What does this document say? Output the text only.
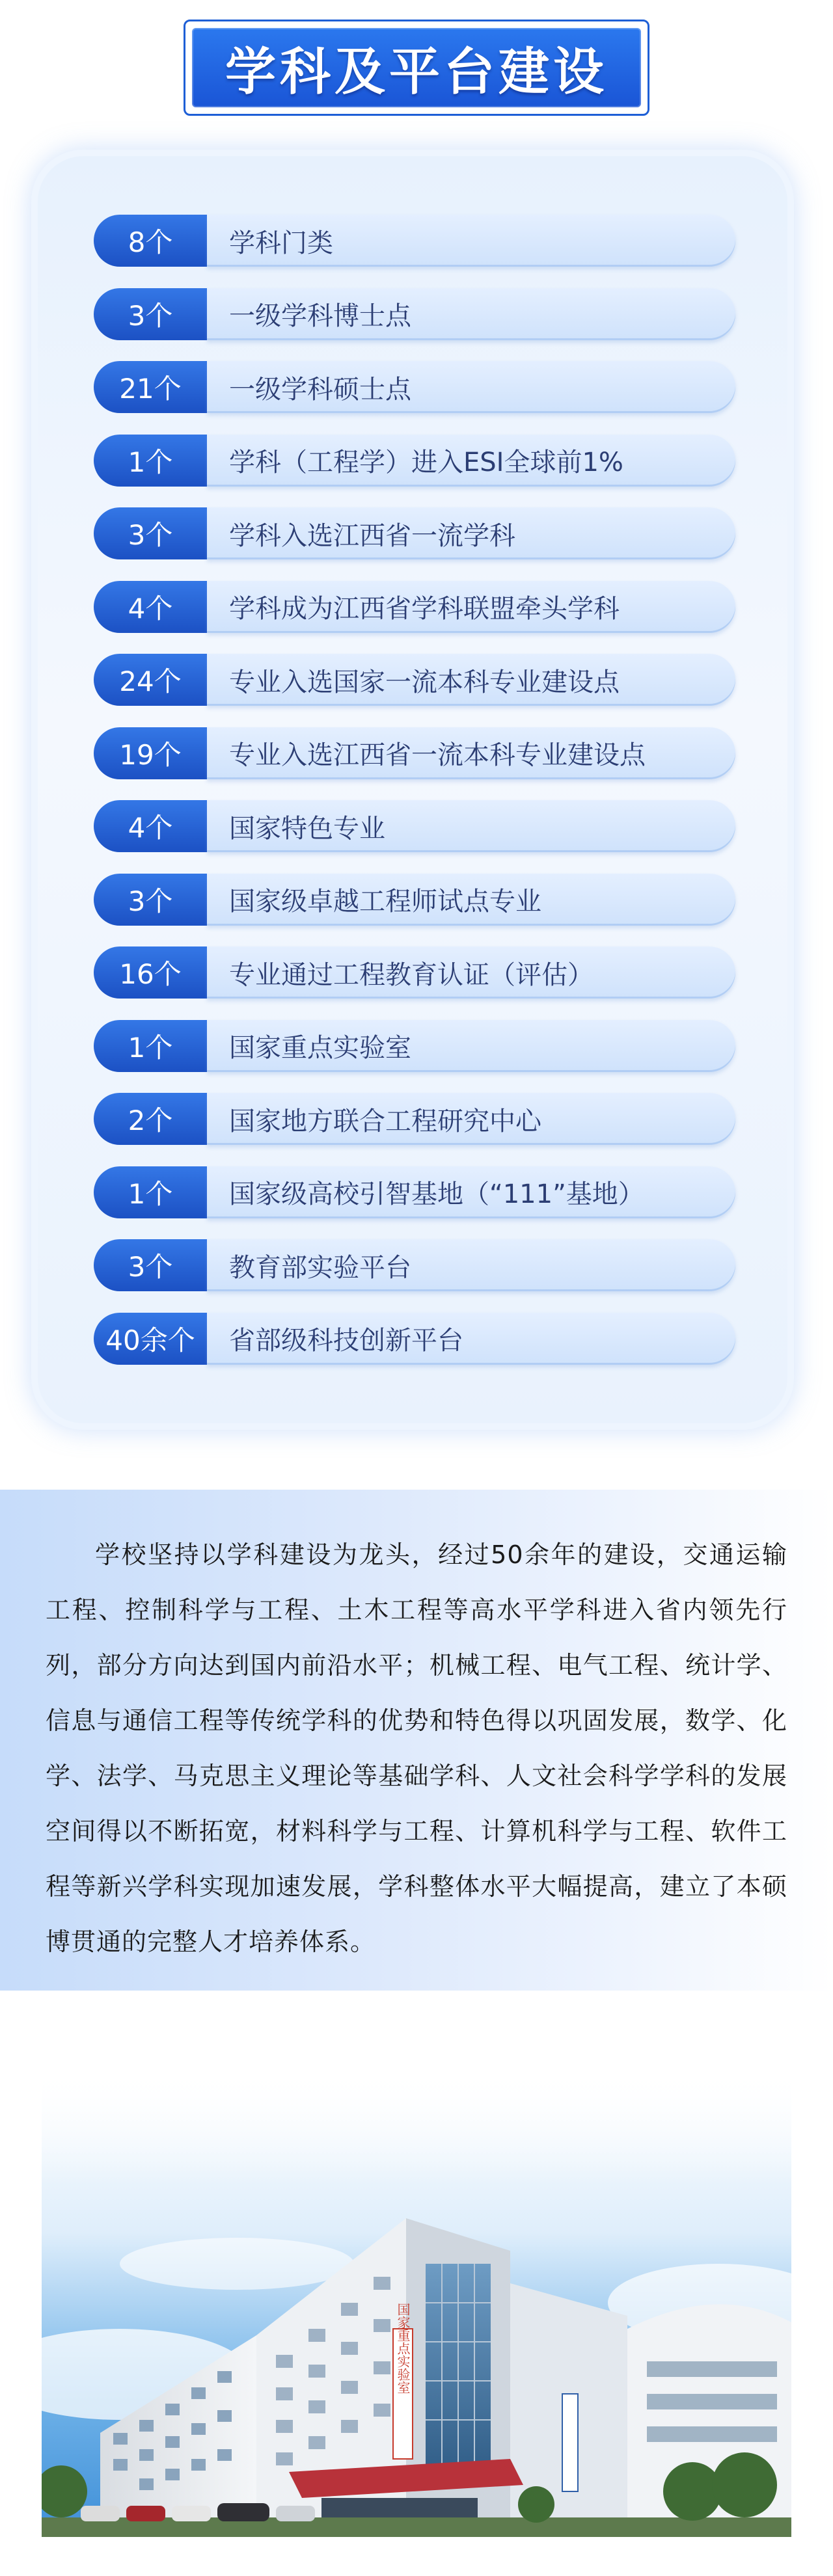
学科及平台建设
8个	学科门类
3个	一级学科博士点
21个	一级学科硕士点
1个	学科（工程学）进入ESI全球前1%
3个	学科入选江西省一流学科
4个	学科成为江西省学科联盟牵头学科
24个	专业入选国家一流本科专业建设点
19个	专业入选江西省一流本科专业建设点
4个	国家特色专业
3个	国家级卓越工程师试点专业
16个	专业通过工程教育认证（评估）
1个	国家重点实验室
2个	国家地方联合工程研究中心
1个	国家级高校引智基地（“111”基地）
3个	教育部实验平台
40余个	省部级科技创新平台

学校坚持以学科建设为龙头，经过50余年的建设，交通运输工程、控制科学与工程、土木工程等高水平学科进入省内领先行列，部分方向达到国内前沿水平；机械工程、电气工程、统计学、信息与通信工程等传统学科的优势和特色得以巩固发展，数学、化学、法学、马克思主义理论等基础学科、人文社会科学学科的发展空间得以不断拓宽，材料科学与工程、计算机科学与工程、软件工程等新兴学科实现加速发展，学科整体水平大幅提高，建立了本硕博贯通的完整人才培养体系。

国家重点实验室
